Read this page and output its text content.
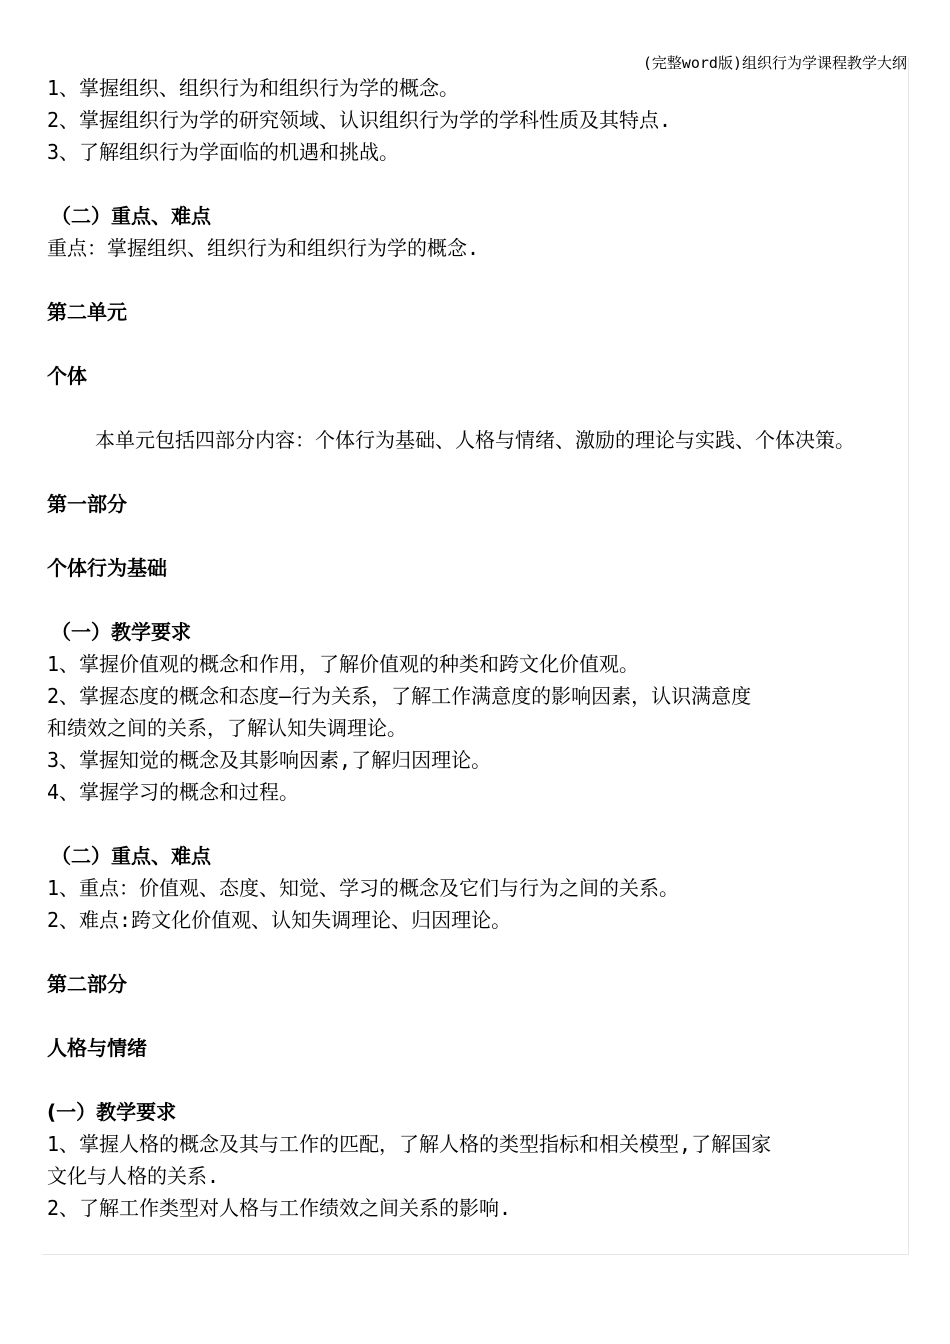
(完整word版)组织行为学课程教学大纲
1、掌握组织、组织行为和组织行为学的概念。
2、掌握组织行为学的研究领域、认识组织行为学的学科性质及其特点.
3、了解组织行为学面临的机遇和挑战。
（二）重点、难点
重点：掌握组织、组织行为和组织行为学的概念.
第二单元
个体
本单元包括四部分内容：个体行为基础、人格与情绪、激励的理论与实践、个体决策。
第一部分
个体行为基础
（一）教学要求
1、掌握价值观的概念和作用，了解价值观的种类和跨文化价值观。
2、掌握态度的概念和态度—行为关系，了解工作满意度的影响因素，认识满意度
和绩效之间的关系，了解认知失调理论。
3、掌握知觉的概念及其影响因素,了解归因理论。
4、掌握学习的概念和过程。
（二）重点、难点
1、重点：价值观、态度、知觉、学习的概念及它们与行为之间的关系。
2、难点:跨文化价值观、认知失调理论、归因理论。
第二部分
人格与情绪
(一）教学要求
1、掌握人格的概念及其与工作的匹配，了解人格的类型指标和相关模型,了解国家
文化与人格的关系.
2、了解工作类型对人格与工作绩效之间关系的影响.
